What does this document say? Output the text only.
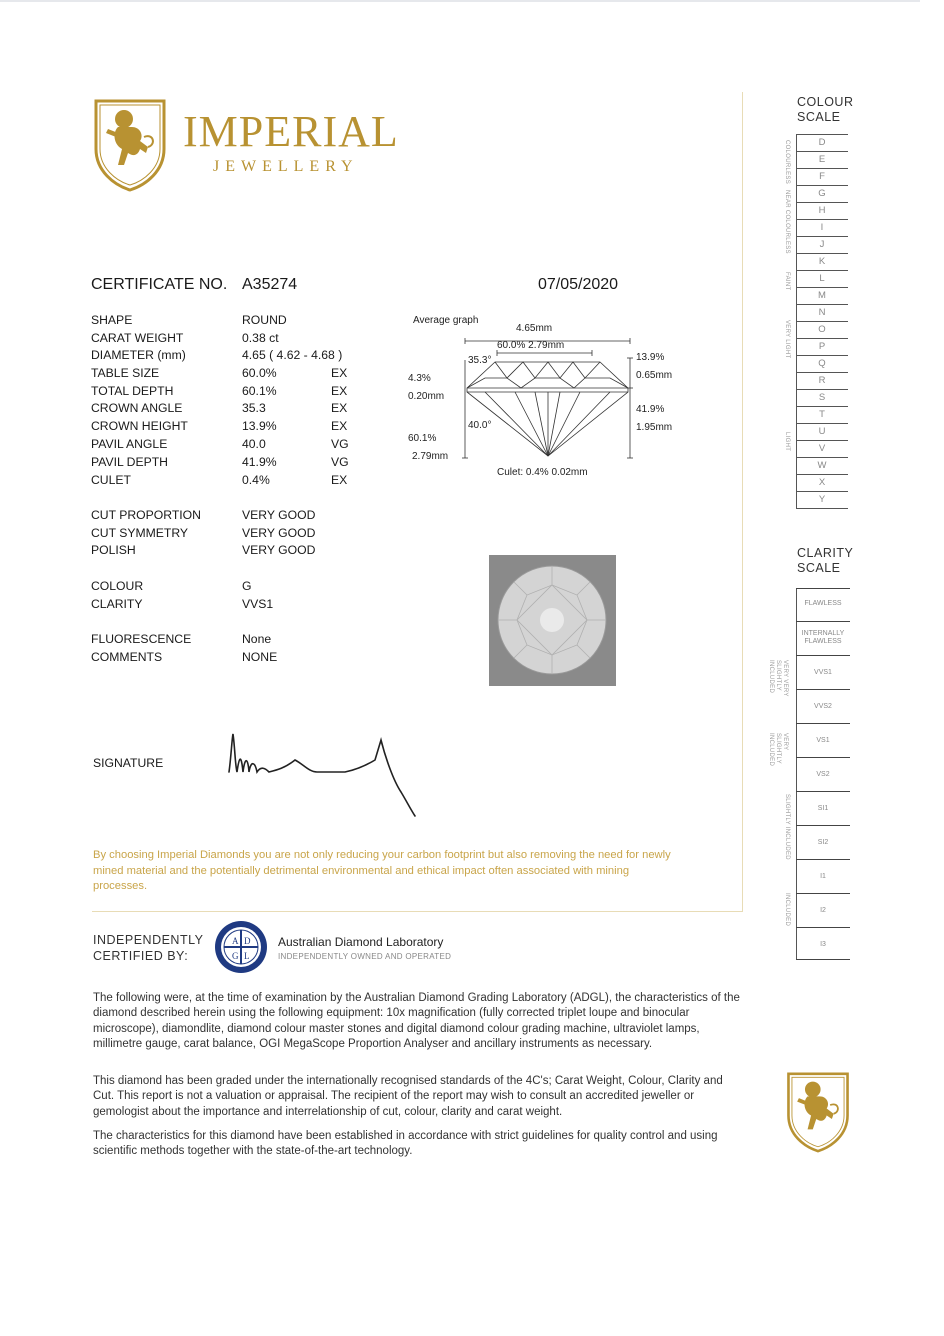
IMPERIAL
JEWELLERY
CERTIFICATE NO. A35274	07/05/2020
SHAPE	ROUND
CARAT WEIGHT	0.38 ct
DIAMETER (mm)	4.65 ( 4.62 - 4.68 )
TABLE SIZE	60.0%	EX
TOTAL DEPTH	60.1%	EX
CROWN ANGLE	35.3	EX
CROWN HEIGHT	13.9%	EX
PAVIL ANGLE	40.0	VG
PAVIL DEPTH	41.9%	VG
CULET	0.4%	EX
CUT PROPORTION	VERY GOOD
CUT SYMMETRY	VERY GOOD
POLISH	VERY GOOD
COLOUR	G
CLARITY	VVS1
FLUORESCENCE	None
COMMENTS	NONE
Average graph
4.65mm
60.0% 2.79mm
35.3°	13.9%
0.65mm
4.3%
0.20mm
40.0°
41.9%
1.95mm
60.1%
2.79mm
Culet: 0.4% 0.02mm
SIGNATURE
By choosing Imperial Diamonds you are not only reducing your carbon footprint but also removing the need for newly mined material and the potentially detrimental environmental and ethical impact often associated with mining processes.
INDEPENDENTLY
CERTIFIED BY:
A D
G L
Australian Diamond Laboratory
INDEPENDENTLY OWNED AND OPERATED
The following were, at the time of examination by the Australian Diamond Grading Laboratory (ADGL), the characteristics of the diamond described herein using the following equipment: 10x magnification (fully corrected triplet loupe and binocular microscope), diamondlite, diamond colour master stones and digital diamond colour grading machine, ultraviolet lamps, millimetre gauge, carat balance, OGI MegaScope Proportion Analyser and ancillary instruments as necessary.
This diamond has been graded under the internationally recognised standards of the 4C's; Carat Weight, Colour, Clarity and Cut. This report is not a valuation or appraisal. The recipient of the report may wish to consult an accredited jeweller or gemologist about the importance and interrelationship of cut, colour, clarity and carat weight.
The characteristics for this diamond have been established in accordance with strict guidelines for quality control and using scientific methods together with the state-of-the-art technology.
COLOUR
SCALE
D
E
F
G
H
I
J
K
L
M
N
O
P
Q
R
S
T
U
V
W
X
Y
COLOURLESS
NEAR COLOURLESS
FAINT
VERY LIGHT
LIGHT
CLARITY
SCALE
FLAWLESS
INTERNALLY FLAWLESS
VVS1
VVS2
VS1
VS2
SI1
SI2
I1
I2
I3
VERY VERY SLIGHTLY INCLUDED
VERY SLIGHTLY INCLUDED
SLIGHTLY INCLUDED
INCLUDED
